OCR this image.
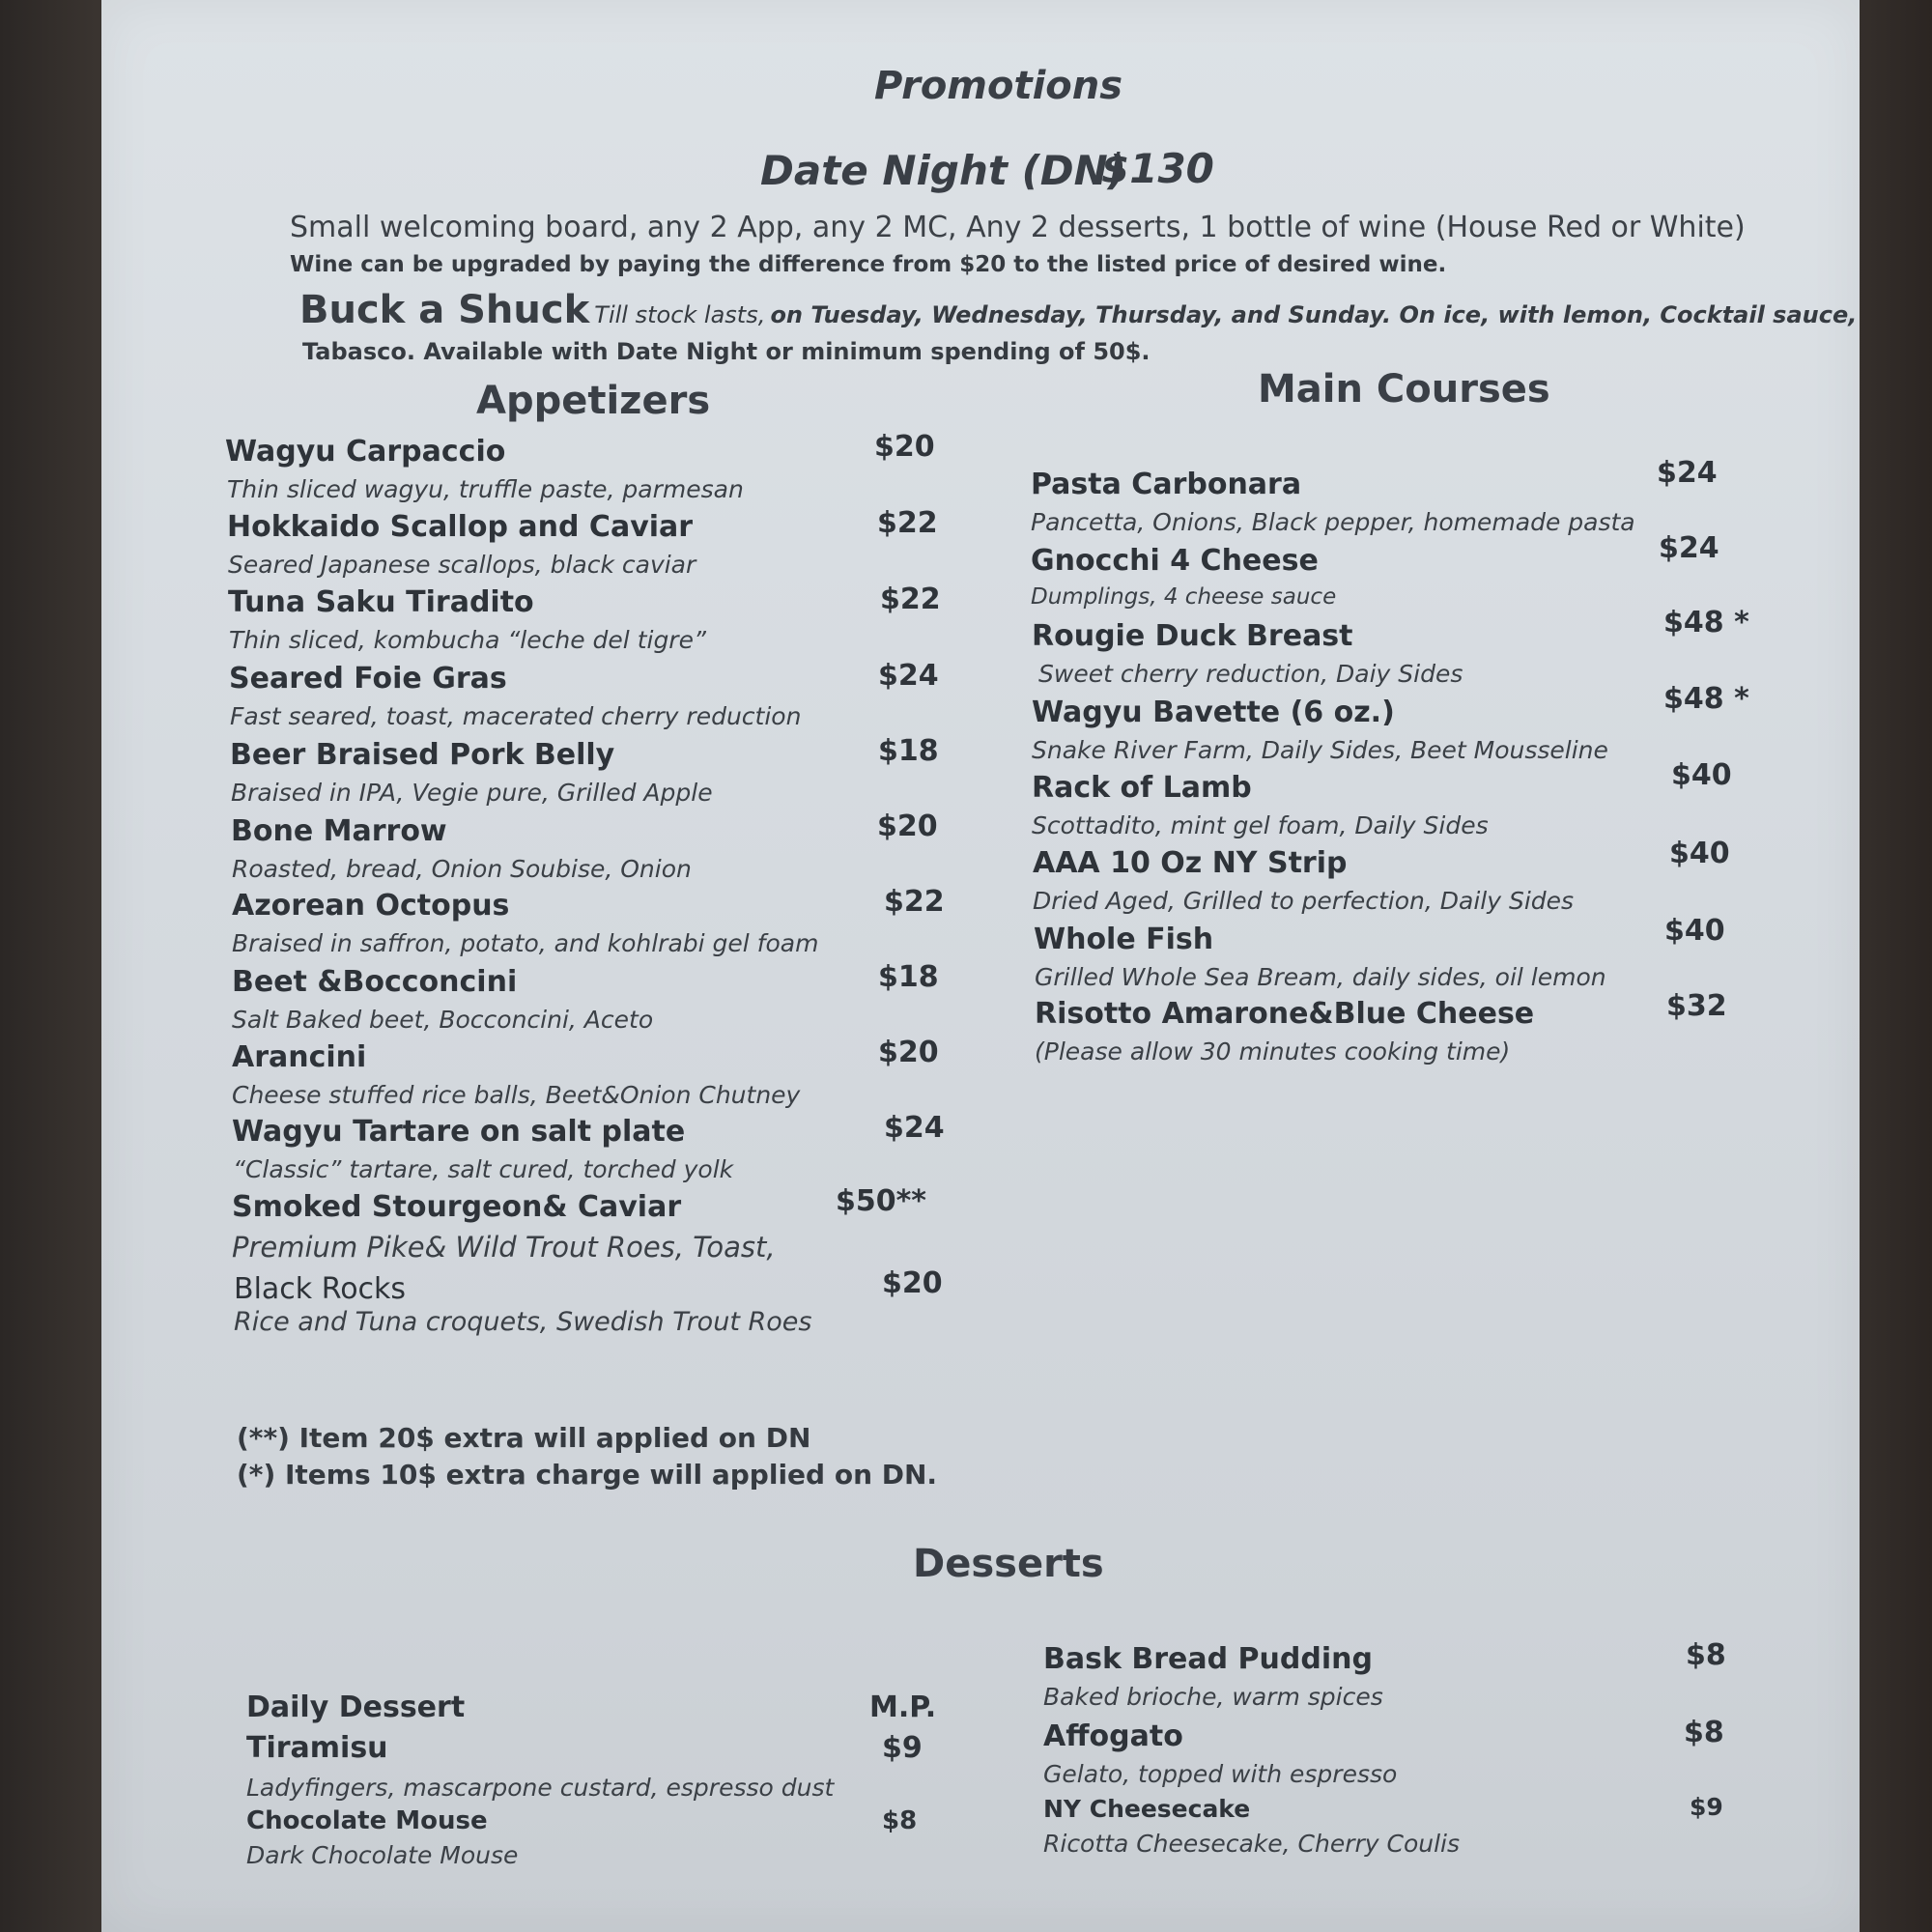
Promotions
Date Night (DN)
$130
Small welcoming board, any 2 App, any 2 MC, Any 2 desserts, 1 bottle of wine (House Red or White)
Wine can be upgraded by paying the difference from $20 to the listed price of desired wine.
Buck a Shuck Till stock lasts, on Tuesday, Wednesday, Thursday, and Sunday. On ice, with lemon, Cocktail sauce,
Tabasco. Available with Date Night or minimum spending of 50$.
Appetizers	Main Courses
Wagyu Carpaccio
Thin sliced wagyu, truffle paste, parmesan
$20
Hokkaido Scallop and Caviar
Seared Japanese scallops, black caviar
$22
Tuna Saku Tiradito
Thin sliced, kombucha “leche del tigre”
$22
Seared Foie Gras
Fast seared, toast, macerated cherry reduction
$24
Beer Braised Pork Belly
Braised in IPA, Vegie pure, Grilled Apple
$18
Bone Marrow
Roasted, bread, Onion Soubise, Onion
$20
Azorean Octopus
Braised in saffron, potato, and kohlrabi gel foam
$22
Beet &Bocconcini
Salt Baked beet, Bocconcini, Aceto
$18
Arancini
Cheese stuffed rice balls, Beet&Onion Chutney
$20
Wagyu Tartare on salt plate
“Classic” tartare, salt cured, torched yolk
$24
Smoked Stourgeon& Caviar
Premium Pike& Wild Trout Roes, Toast,
$50**
Black Rocks
Rice and Tuna croquets, Swedish Trout Roes
$20
Pasta Carbonara
Pancetta, Onions, Black pepper, homemade pasta
$24
Gnocchi 4 Cheese
Dumplings, 4 cheese sauce
$24
Rougie Duck Breast
Sweet cherry reduction, Daiy Sides
$48 *
Wagyu Bavette (6 oz.)
Snake River Farm, Daily Sides, Beet Mousseline
$48 *
Rack of Lamb
Scottadito, mint gel foam, Daily Sides
$40
AAA 10 Oz NY Strip
Dried Aged, Grilled to perfection, Daily Sides
$40
Whole Fish
Grilled Whole Sea Bream, daily sides, oil lemon
$40
Risotto Amarone&Blue Cheese
(Please allow 30 minutes cooking time)
$32
(**) Item 20$ extra will applied on DN
(*) Items 10$ extra charge will applied on DN.
Desserts
Daily Dessert	M.P.
Tiramisu
Ladyfingers, mascarpone custard, espresso dust
$9
Chocolate Mouse
Dark Chocolate Mouse
$8
Bask Bread Pudding
Baked brioche, warm spices
$8
Affogato
Gelato, topped with espresso
$8
NY Cheesecake
Ricotta Cheesecake, Cherry Coulis
$9
